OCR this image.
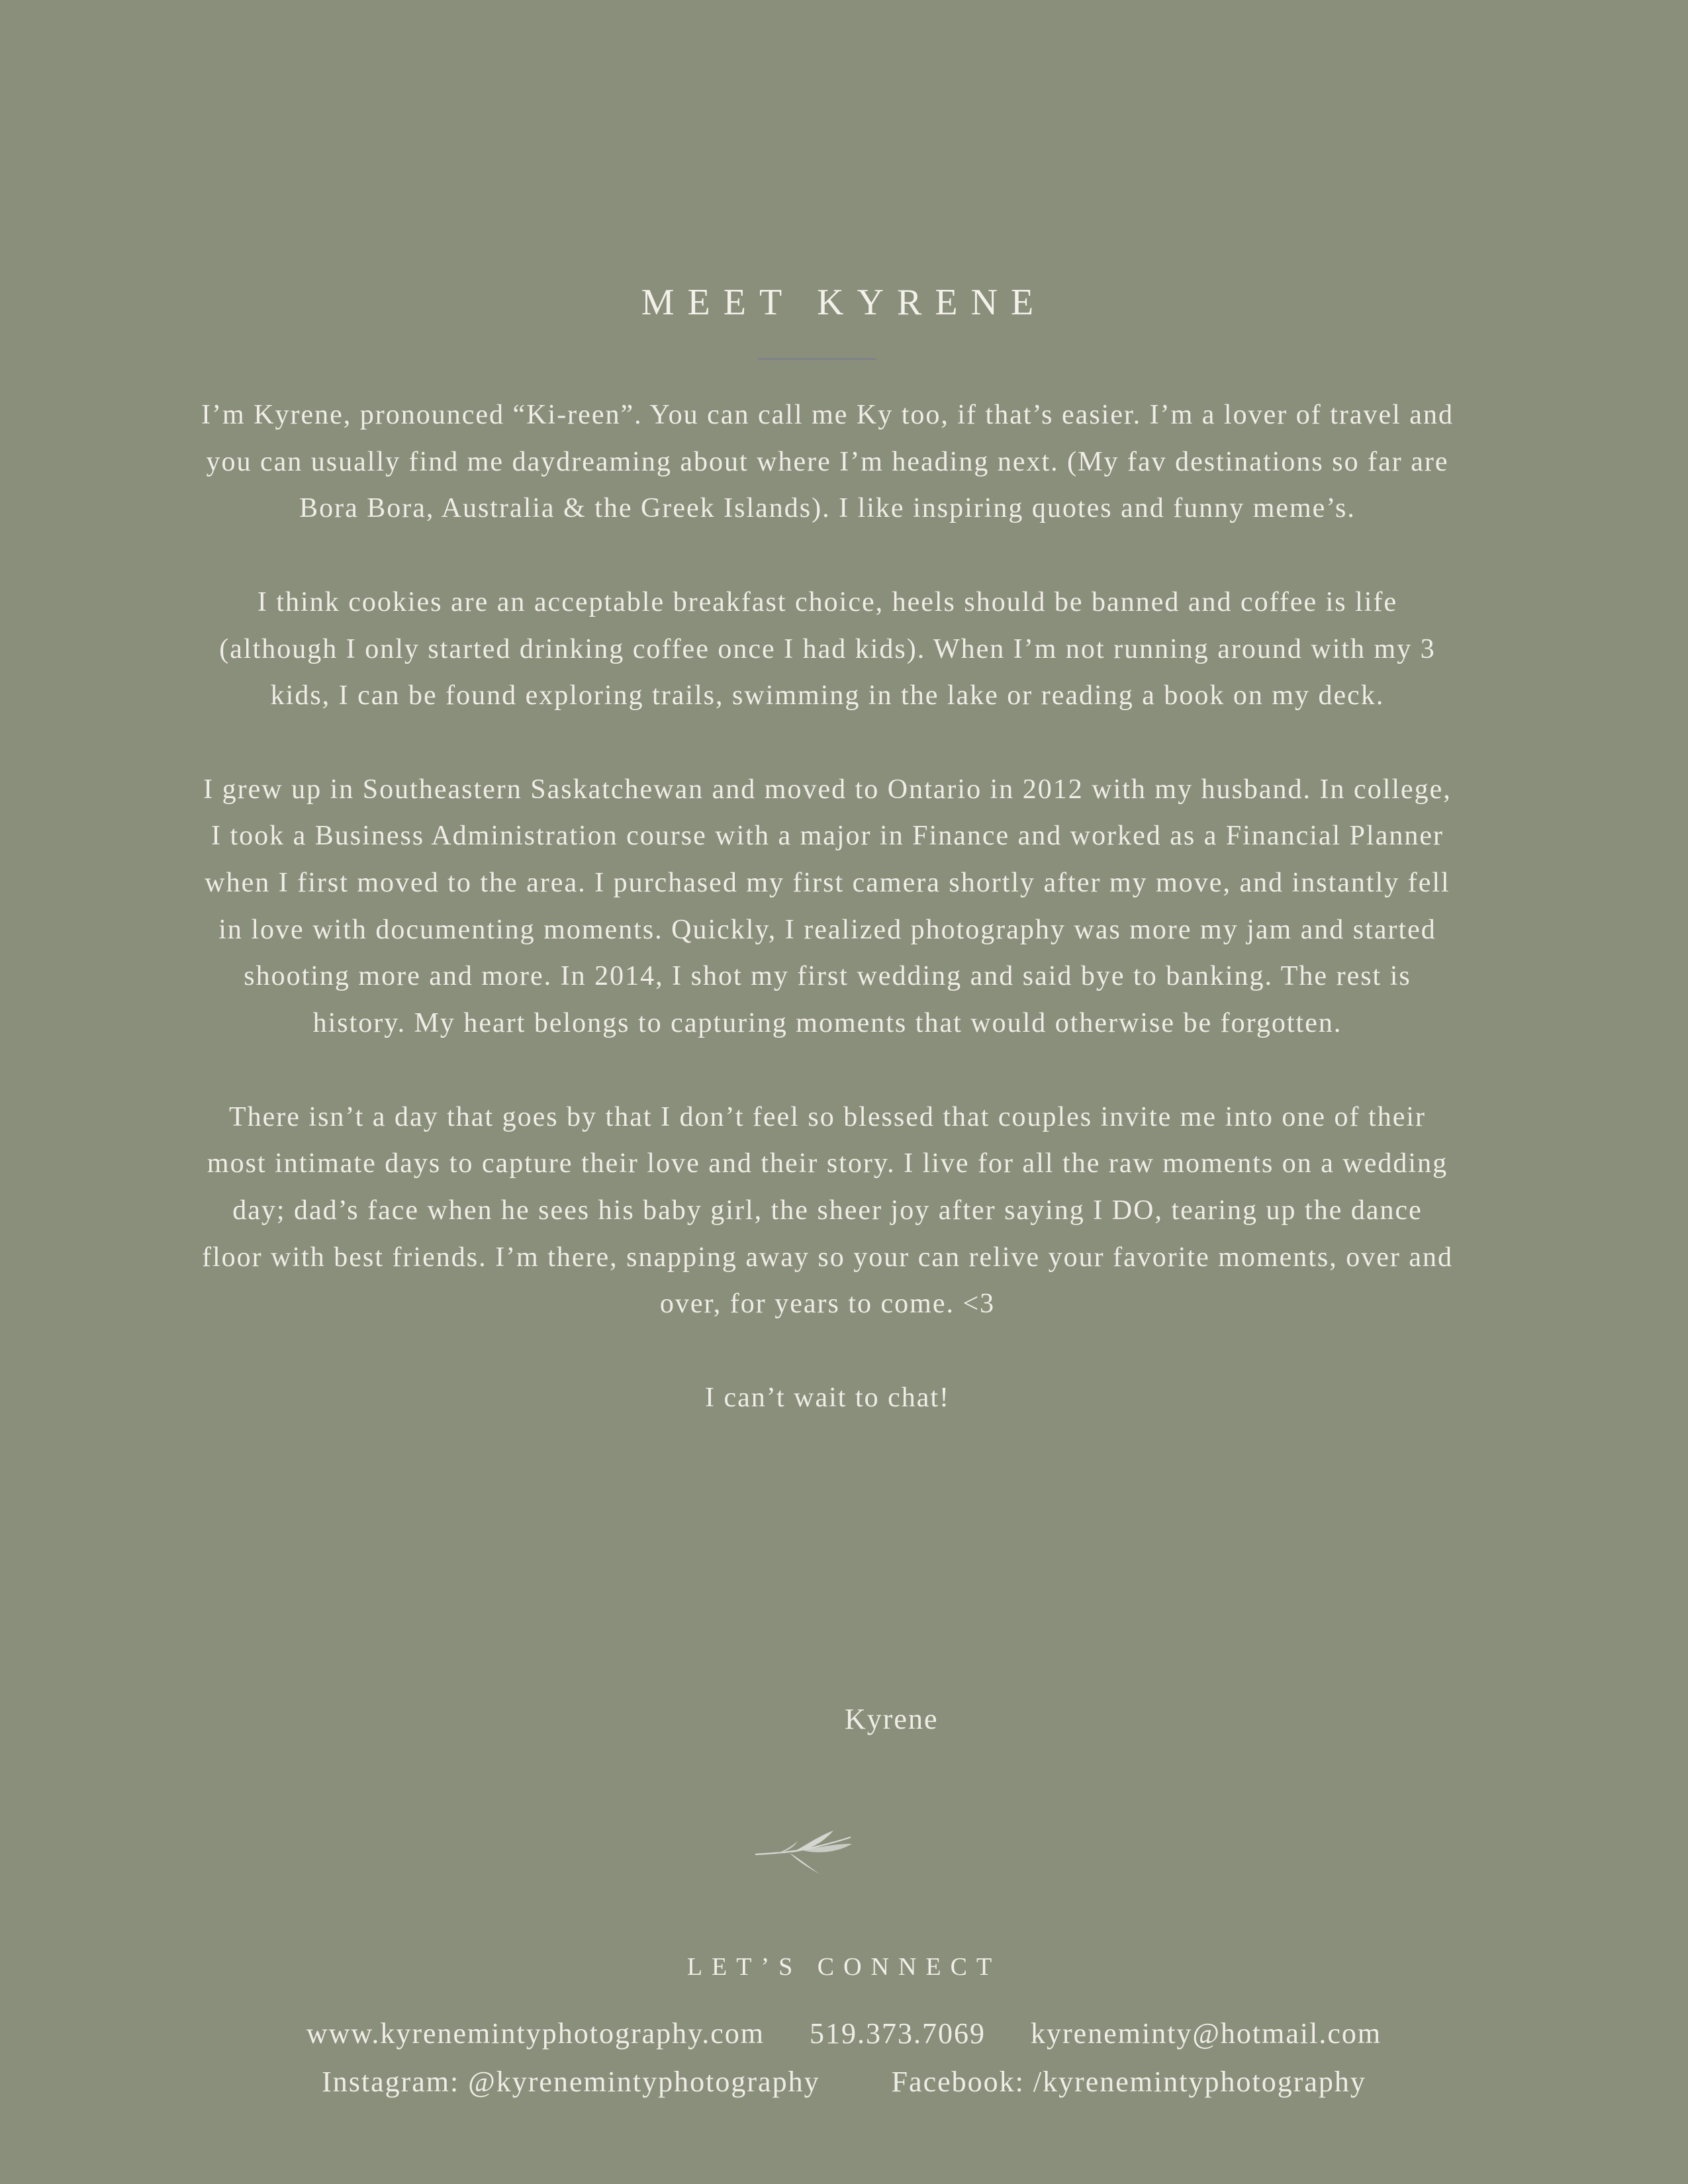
MEET KYRENE

I’m Kyrene, pronounced “Ki-reen”. You can call me Ky too, if that’s easier. I’m a lover of travel and you can usually find me daydreaming about where I’m heading next. (My fav destinations so far are Bora Bora, Australia & the Greek Islands). I like inspiring quotes and funny meme’s.

I think cookies are an acceptable breakfast choice, heels should be banned and coffee is life (although I only started drinking coffee once I had kids). When I’m not running around with my 3 kids, I can be found exploring trails, swimming in the lake or reading a book on my deck.

I grew up in Southeastern Saskatchewan and moved to Ontario in 2012 with my husband. In college, I took a Business Administration course with a major in Finance and worked as a Financial Planner when I first moved to the area. I purchased my first camera shortly after my move, and instantly fell in love with documenting moments. Quickly, I realized photography was more my jam and started shooting more and more. In 2014, I shot my first wedding and said bye to banking. The rest is history. My heart belongs to capturing moments that would otherwise be forgotten.

There isn’t a day that goes by that I don’t feel so blessed that couples invite me into one of their most intimate days to capture their love and their story. I live for all the raw moments on a wedding day; dad’s face when he sees his baby girl, the sheer joy after saying I DO, tearing up the dance floor with best friends. I’m there, snapping away so your can relive your favorite moments, over and over, for years to come. <3

I can’t wait to chat!

Kyrene
LET’S CONNECT
www.kyrenemintyphotography.com 519.373.7069 kyreneminty@hotmail.com
Instagram: @kyrenemintyphotography Facebook: /kyrenemintyphotography
